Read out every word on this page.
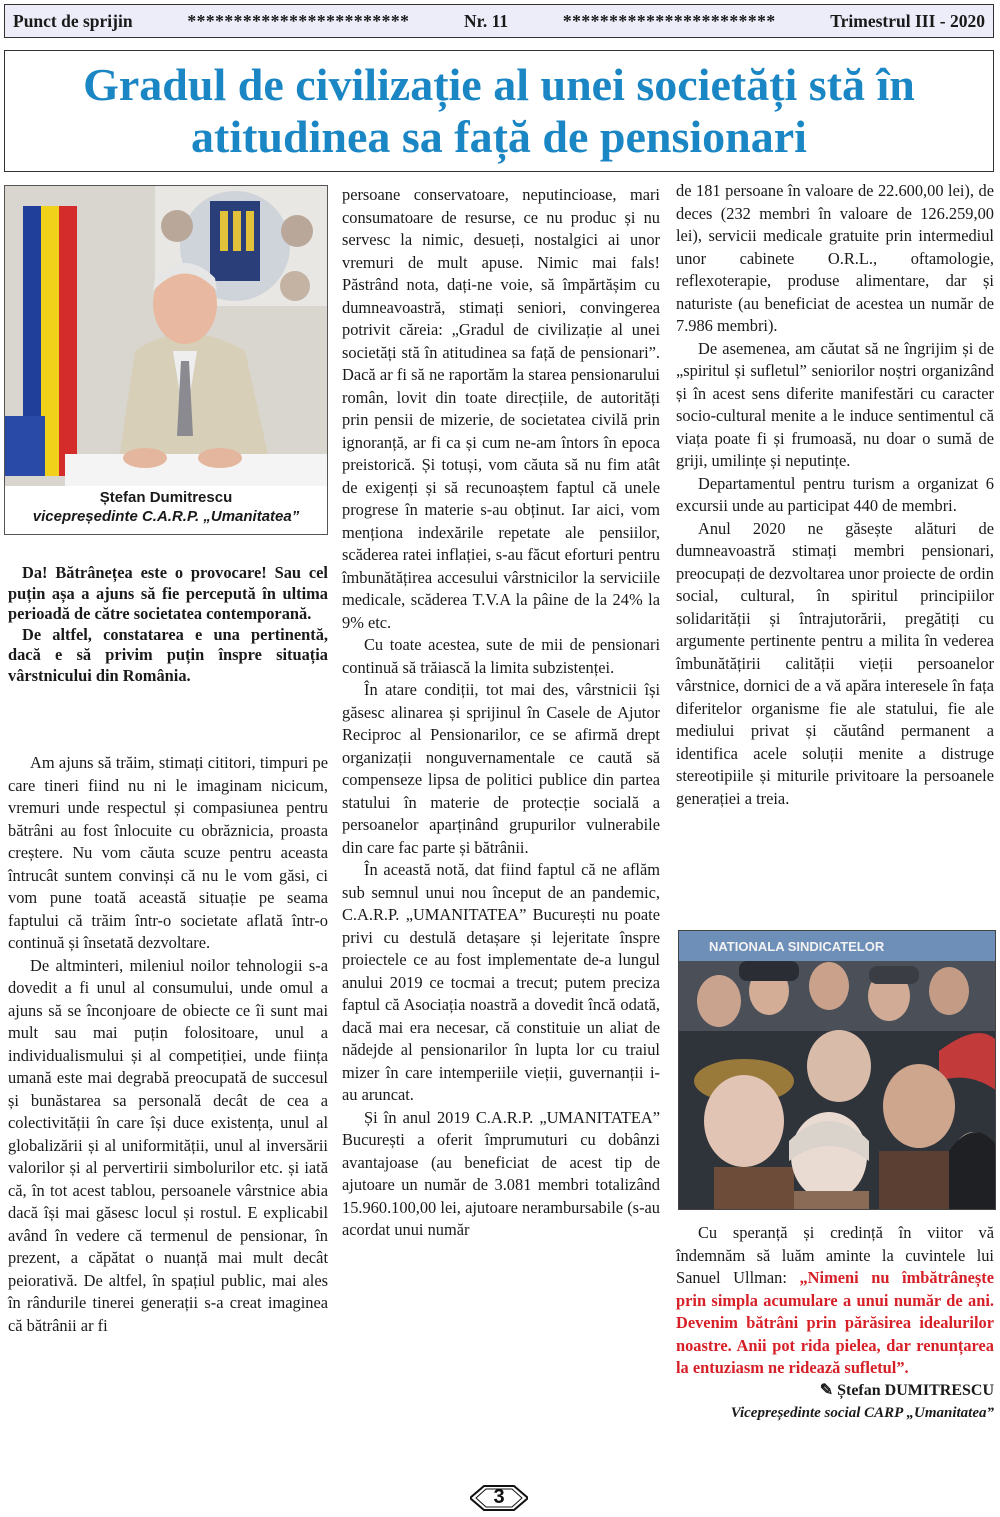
Punct de sprijin	************************	Nr. 11	***********************	Trimestrul III - 2020
Gradul de civilizație al unei societăți stă în
atitudinea sa față de pensionari
Ștefan Dumitrescu
vicepreședinte C.A.R.P. „Umanitatea”

Da! Bătrânețea este o provocare! Sau cel puțin așa a ajuns să fie percepută în ultima perioadă de către societatea contemporană.

De altfel, constatarea e una pertinentă, dacă e să privim puțin înspre situația vârstnicului din România.

Am ajuns să trăim, stimați cititori, timpuri pe care tineri fiind nu ni le imaginam nicicum, vremuri unde respectul și compasiunea pentru bătrâni au fost înlocuite cu obrăznicia, proasta creștere. Nu vom căuta scuze pentru aceasta întrucât suntem convinși că nu le vom găsi, ci vom pune toată această situație pe seama faptului că trăim într-o societate aflată într-o continuă și însetată dezvoltare.

De altminteri, mileniul noilor tehnologii s-a dovedit a fi unul al consumului, unde omul a ajuns să se înconjoare de obiecte ce îi sunt mai mult sau mai puțin folositoare, unul a individualismului și al competiției, unde ființa umană este mai degrabă preocupată de succesul și bunăstarea sa personală decât de cea a colectivității în care își duce existența, unul al globalizării și al uniformității, unul al inversării valorilor și al pervertirii simbolurilor etc. și iată că, în tot acest tablou, persoanele vârstnice abia dacă își mai găsesc locul și rostul. E explicabil având în vedere că termenul de pensionar, în prezent, a căpătat o nuanță mai mult decât peiorativă. De altfel, în spațiul public, mai ales în rândurile tinerei generații s-a creat imaginea că bătrânii ar fi

persoane conservatoare, neputincioase, mari consumatoare de resurse, ce nu produc și nu servesc la nimic, desueți, nostalgici ai unor vremuri de mult apuse. Nimic mai fals! Păstrând nota, dați-ne voie, să împărtășim cu dumneavoastră, stimați seniori, convingerea potrivit căreia: „Gradul de civilizație al unei societăți stă în atitudinea sa față de pensionari”. Dacă ar fi să ne raportăm la starea pensionarului român, lovit din toate direcțiile, de autorități prin pensii de mizerie, de societatea civilă prin ignoranță, ar fi ca și cum ne-am întors în epoca preistorică. Și totuși, vom căuta să nu fim atât de exigenți și să recunoaștem faptul că unele progrese în materie s-au obținut. Iar aici, vom menționa indexările repetate ale pensiilor, scăderea ratei inflației, s-au făcut eforturi pentru îmbunătățirea accesului vârstnicilor la serviciile medicale, scăderea T.V.A la pâine de la 24% la 9% etc.

Cu toate acestea, sute de mii de pensionari continuă să trăiască la limita subzistenței.

În atare condiții, tot mai des, vârstnicii își găsesc alinarea și sprijinul în Casele de Ajutor Reciproc al Pensionarilor, ce se afirmă drept organizații nonguvernamentale ce caută să compenseze lipsa de politici publice din partea statului în materie de protecție socială a persoanelor aparținând grupurilor vulnerabile din care fac parte și bătrânii.

În această notă, dat fiind faptul că ne aflăm sub semnul unui nou început de an pandemic, C.A.R.P. „UMANITATEA” București nu poate privi cu destulă detașare și lejeritate înspre proiectele ce au fost implementate de-a lungul anului 2019 ce tocmai a trecut; putem preciza faptul că Asociația noastră a dovedit încă odată, dacă mai era necesar, că constituie un aliat de nădejde al pensionarilor în lupta lor cu traiul mizer în care intemperiile vieții, guvernanții i-au aruncat.

Și în anul 2019 C.A.R.P. „UMANITATEA” București a oferit împrumuturi cu dobânzi avantajoase (au beneficiat de acest tip de ajutoare un număr de 3.081 membri totalizând 15.960.100,00 lei, ajutoare nerambursabile (s-au acordat unui număr

de 181 persoane în valoare de 22.600,00 lei), de deces (232 membri în valoare de 126.259,00 lei), servicii medicale gratuite prin intermediul unor cabinete O.R.L., oftamologie, reflexoterapie, produse alimentare, dar și naturiste (au beneficiat de acestea un număr de 7.986 membri).

De asemenea, am căutat să ne îngrijim și de „spiritul și sufletul” seniorilor noștri organizând și în acest sens diferite manifestări cu caracter socio-cultural menite a le induce sentimentul că viața poate fi și frumoasă, nu doar o sumă de griji, umilințe și neputințe.

Departamentul pentru turism a organizat 6 excursii unde au participat 440 de membri.

Anul 2020 ne găsește alături de dumneavoastră stimați membri pensionari, preocupați de dezvoltarea unor proiecte de ordin social, cultural, în spiritul principiilor solidarității și întrajutorării, pregătiți cu argumente pertinente pentru a milita în vederea îmbunătățirii calității vieții persoanelor vârstnice, dornici de a vă apăra interesele în fața diferitelor organisme fie ale statului, fie ale mediului privat și căutând permanent a identifica acele soluții menite a distruge stereotipiile și miturile privitoare la persoanele generației a treia.

NATIONALA SINDICATELOR

Cu speranță și credință în viitor vă îndemnăm să luăm aminte la cuvintele lui Sanuel Ullman: „Nimeni nu îmbătrânește prin simpla acumulare a unui număr de ani. Devenim bătrâni prin părăsirea idealurilor noastre. Anii pot rida pielea, dar renunțarea la entuziasm ne ridează sufletul”.

✎ Ștefan DUMITRESCU
Vicepreședinte social CARP „Umanitatea”
3
